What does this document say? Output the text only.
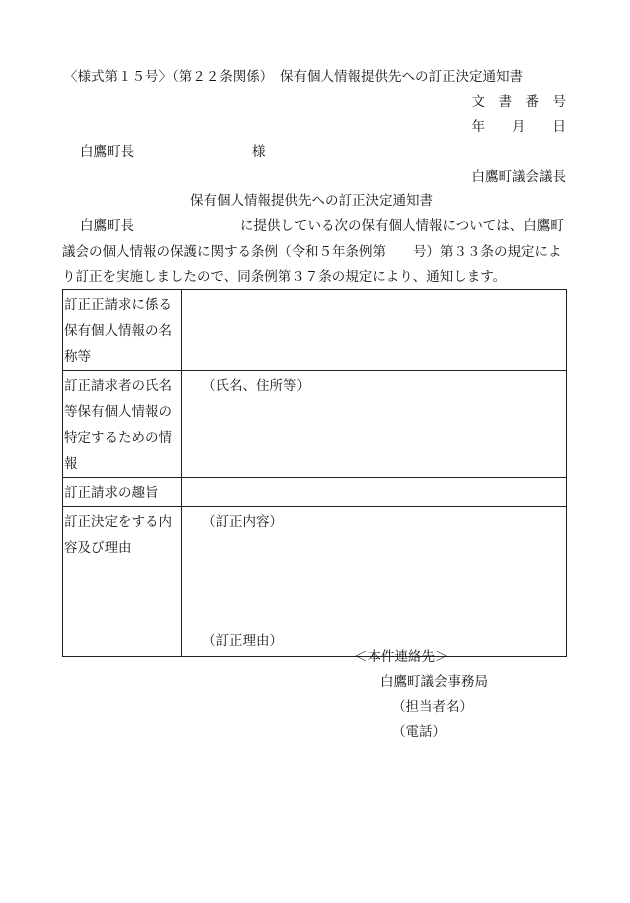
〈様式第１５号〉（第２２条関係）　保有個人情報提供先への訂正決定通知書
文　書　番　号
年　　月　　日
白鷹町長	様
白鷹町議会議長
保有個人情報提供先への訂正決定通知書
白鷹町長	に提供している次の保有個人情報については、白鷹町
議会の個人情報の保護に関する条例（令和５年条例第　　号）第３３条の規定によ
り訂正を実施しましたので、同条例第３７条の規定により、通知します。
訂正正請求に係る保有個人情報の名称等	
訂正請求者の氏名等保有個人情報の特定するための情報	（氏名、住所等）
訂正請求の趣旨	
訂正決定をする内容及び理由	（訂正内容）
（訂正理由）
＜本件連絡先＞
白鷹町議会事務局
（担当者名）
（電話）
